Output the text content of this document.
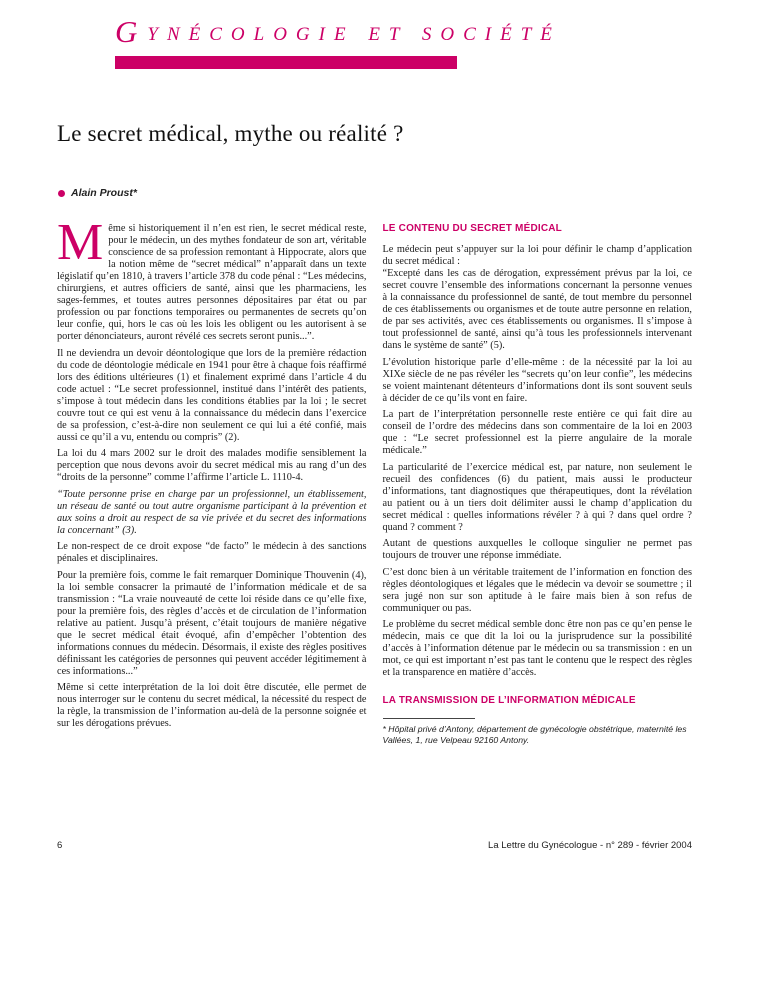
GYNÉCOLOGIE ET SOCIÉTÉ
Le secret médical, mythe ou réalité ?
Alain Proust*

Même si historiquement il n’en est rien, le secret médical reste, pour le médecin, un des mythes fondateur de son art, véritable conscience de sa profession remontant à Hippocrate, alors que la notion même de “secret médical” n’apparaît dans un texte législatif qu’en 1810, à travers l’article 378 du code pénal : “Les médecins, chirurgiens, et autres officiers de santé, ainsi que les pharmaciens, les sages-femmes, et toutes autres personnes dépositaires par état ou par profession ou par fonctions temporaires ou permanentes de secrets qu’on leur confie, qui, hors le cas où les lois les obligent ou les autorisent à se porter dénonciateurs, auront révélé ces secrets seront punis...”.

Il ne deviendra un devoir déontologique que lors de la première rédaction du code de déontologie médicale en 1941 pour être à chaque fois réaffirmé lors des éditions ultérieures (1) et finalement exprimé dans l’article 4 du code actuel : “Le secret professionnel, institué dans l’intérêt des patients, s’impose à tout médecin dans les conditions établies par la loi ; le secret couvre tout ce qui est venu à la connaissance du médecin dans l’exercice de sa profession, c’est-à-dire non seulement ce qui lui a été confié, mais aussi ce qu’il a vu, entendu ou compris” (2).

La loi du 4 mars 2002 sur le droit des malades modifie sensiblement la perception que nous devons avoir du secret médical mis au rang d’un des “droits de la personne” comme l’affirme l’article L. 1110-4.

“Toute personne prise en charge par un professionnel, un établissement, un réseau de santé ou tout autre organisme participant à la prévention et aux soins a droit au respect de sa vie privée et du secret des informations la concernant” (3).

Le non-respect de ce droit expose “de facto” le médecin à des sanctions pénales et disciplinaires.

Pour la première fois, comme le fait remarquer Dominique Thouvenin (4), la loi semble consacrer la primauté de l’information médicale et de sa transmission : “La vraie nouveauté de cette loi réside dans ce qu’elle fixe, pour la première fois, des règles d’accès et de circulation de l’information relative au patient. Jusqu’à présent, c’était toujours de manière négative que le secret médical était évoqué, afin d’empêcher l’obtention des informations connues du médecin. Désormais, il existe des règles positives définissant les catégories de personnes qui peuvent accéder légitimement à ces informations...”

Même si cette interprétation de la loi doit être discutée, elle permet de nous interroger sur le contenu du secret médical, la nécessité du respect de la règle, la transmission de l’information au-delà de la personne soignée et sur les dérogations prévues.

LE CONTENU DU SECRET MÉDICAL

Le médecin peut s’appuyer sur la loi pour définir le champ d’application du secret médical :

“Excepté dans les cas de dérogation, expressément prévus par la loi, ce secret couvre l’ensemble des informations concernant la personne venues à la connaissance du professionnel de santé, de tout membre du personnel de ces établissements ou organismes et de toute autre personne en relation, de par ses activités, avec ces établissements ou organismes. Il s’impose à tout professionnel de santé, ainsi qu’à tous les professionnels intervenant dans le système de santé” (5).

L’évolution historique parle d’elle-même : de la nécessité par la loi au XIXe siècle de ne pas révéler les “secrets qu’on leur confie”, les médecins se voient maintenant détenteurs d’informations dont ils sont souvent seuls à décider de ce qu’ils vont en faire.

La part de l’interprétation personnelle reste entière ce qui fait dire au conseil de l’ordre des médecins dans son commentaire de la loi en 2003 que : “Le secret professionnel est la pierre angulaire de la morale médicale.”

La particularité de l’exercice médical est, par nature, non seulement le recueil des confidences (6) du patient, mais aussi le producteur d’informations, tant diagnostiques que thérapeutiques, dont la révélation au patient ou à un tiers doit délimiter aussi le champ d’application du secret médical : quelles informations révéler ? à qui ? dans quel ordre ? quand ? comment ?

Autant de questions auxquelles le colloque singulier ne permet pas toujours de trouver une réponse immédiate.

C’est donc bien à un véritable traitement de l’information en fonction des règles déontologiques et légales que le médecin va devoir se soumettre ; il sera jugé non sur son aptitude à le faire mais bien à son refus de communiquer ou pas.

Le problème du secret médical semble donc être non pas ce qu’en pense le médecin, mais ce que dit la loi ou la jurisprudence sur la possibilité d’accès à l’information détenue par le médecin ou sa transmission : en un mot, ce qui est important n’est pas tant le contenu que le respect des règles et la transparence en matière d’accès.

LA TRANSMISSION DE L’INFORMATION MÉDICALE

* Hôpital privé d’Antony, département de gynécologie obstétrique, maternité les Vallées, 1, rue Velpeau 92160 Antony.

6	La Lettre du Gynécologue - n° 289 - février 2004
